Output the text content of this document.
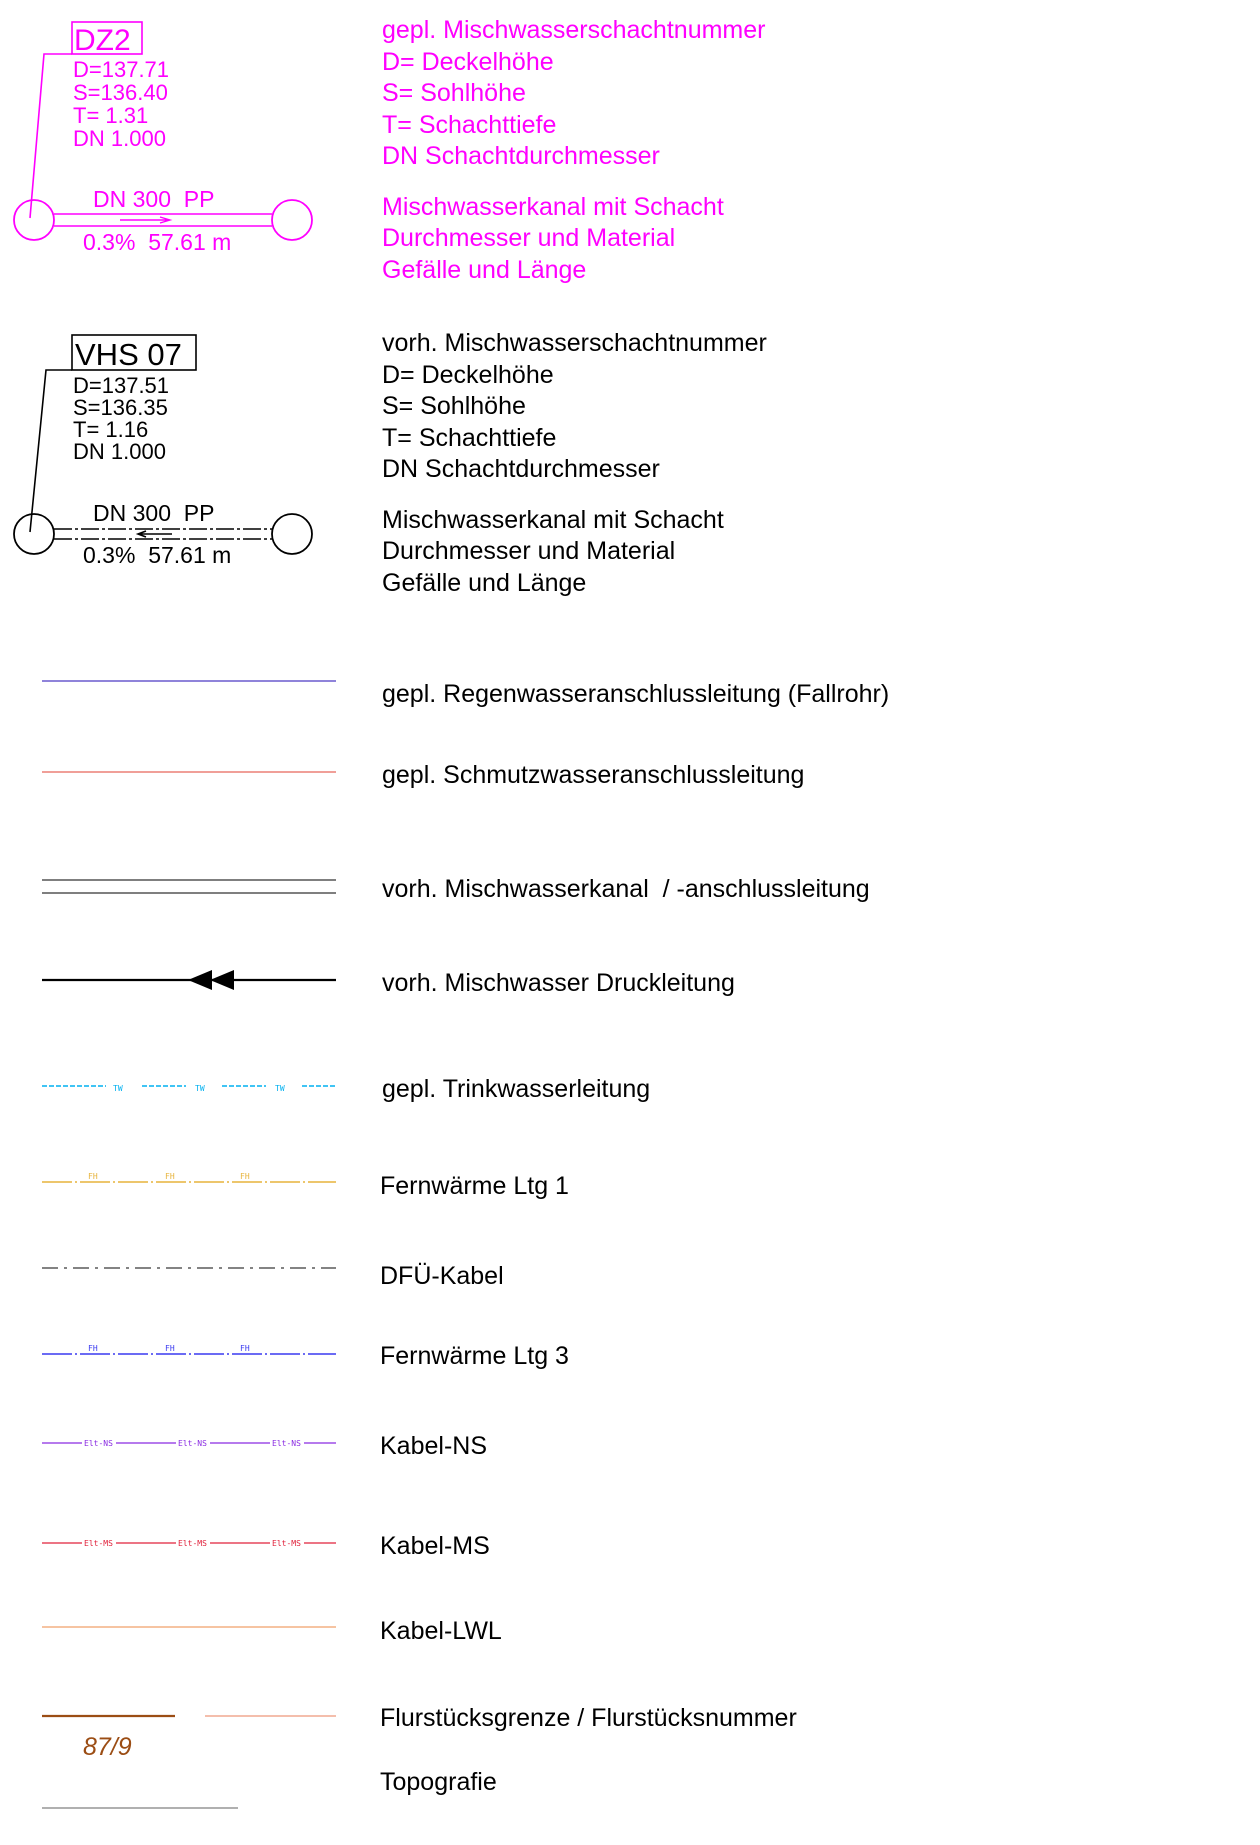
DZ2
D=137.71
S=136.40
T= 1.31
DN 1.000
DN 300  PP
0.3%  57.61 m
gepl. Mischwasserschachtnummer
D= Deckelhöhe
S= Sohlhöhe
T= Schachttiefe
DN Schachtdurchmesser
Mischwasserkanal mit Schacht
Durchmesser und Material
Gefälle und Länge
VHS 07
D=137.51
S=136.35
T= 1.16
DN 1.000
DN 300  PP
0.3%  57.61 m
vorh. Mischwasserschachtnummer
D= Deckelhöhe
S= Sohlhöhe
T= Schachttiefe
DN Schachtdurchmesser
Mischwasserkanal mit Schacht
Durchmesser und Material
Gefälle und Länge
gepl. Regenwasseranschlussleitung (Fallrohr)
gepl. Schmutzwasseranschlussleitung
vorh. Mischwasserkanal  / -anschlussleitung
vorh. Mischwasser Druckleitung
TW	TW	TW	gepl. Trinkwasserleitung
FH	FH	FH	Fernwärme Ltg 1
DFÜ-Kabel
FH	FH	FH	Fernwärme Ltg 3
Elt-NS	Elt-NS	Elt-NS	Kabel-NS
Elt-MS	Elt-MS	Elt-MS	Kabel-MS
Kabel-LWL
87/9
Flurstücksgrenze / Flurstücksnummer
Topografie
